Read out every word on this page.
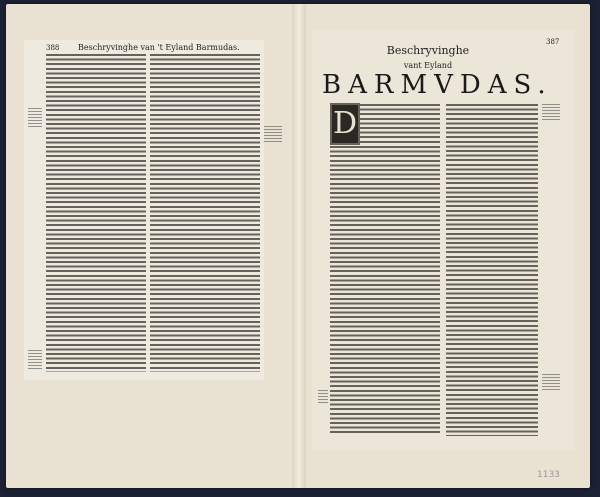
388 Beschryvinghe van 't Eyland Barmudas.
387
Beschryvinghe
vant Eyland
BARMVDAS.
D
1133
